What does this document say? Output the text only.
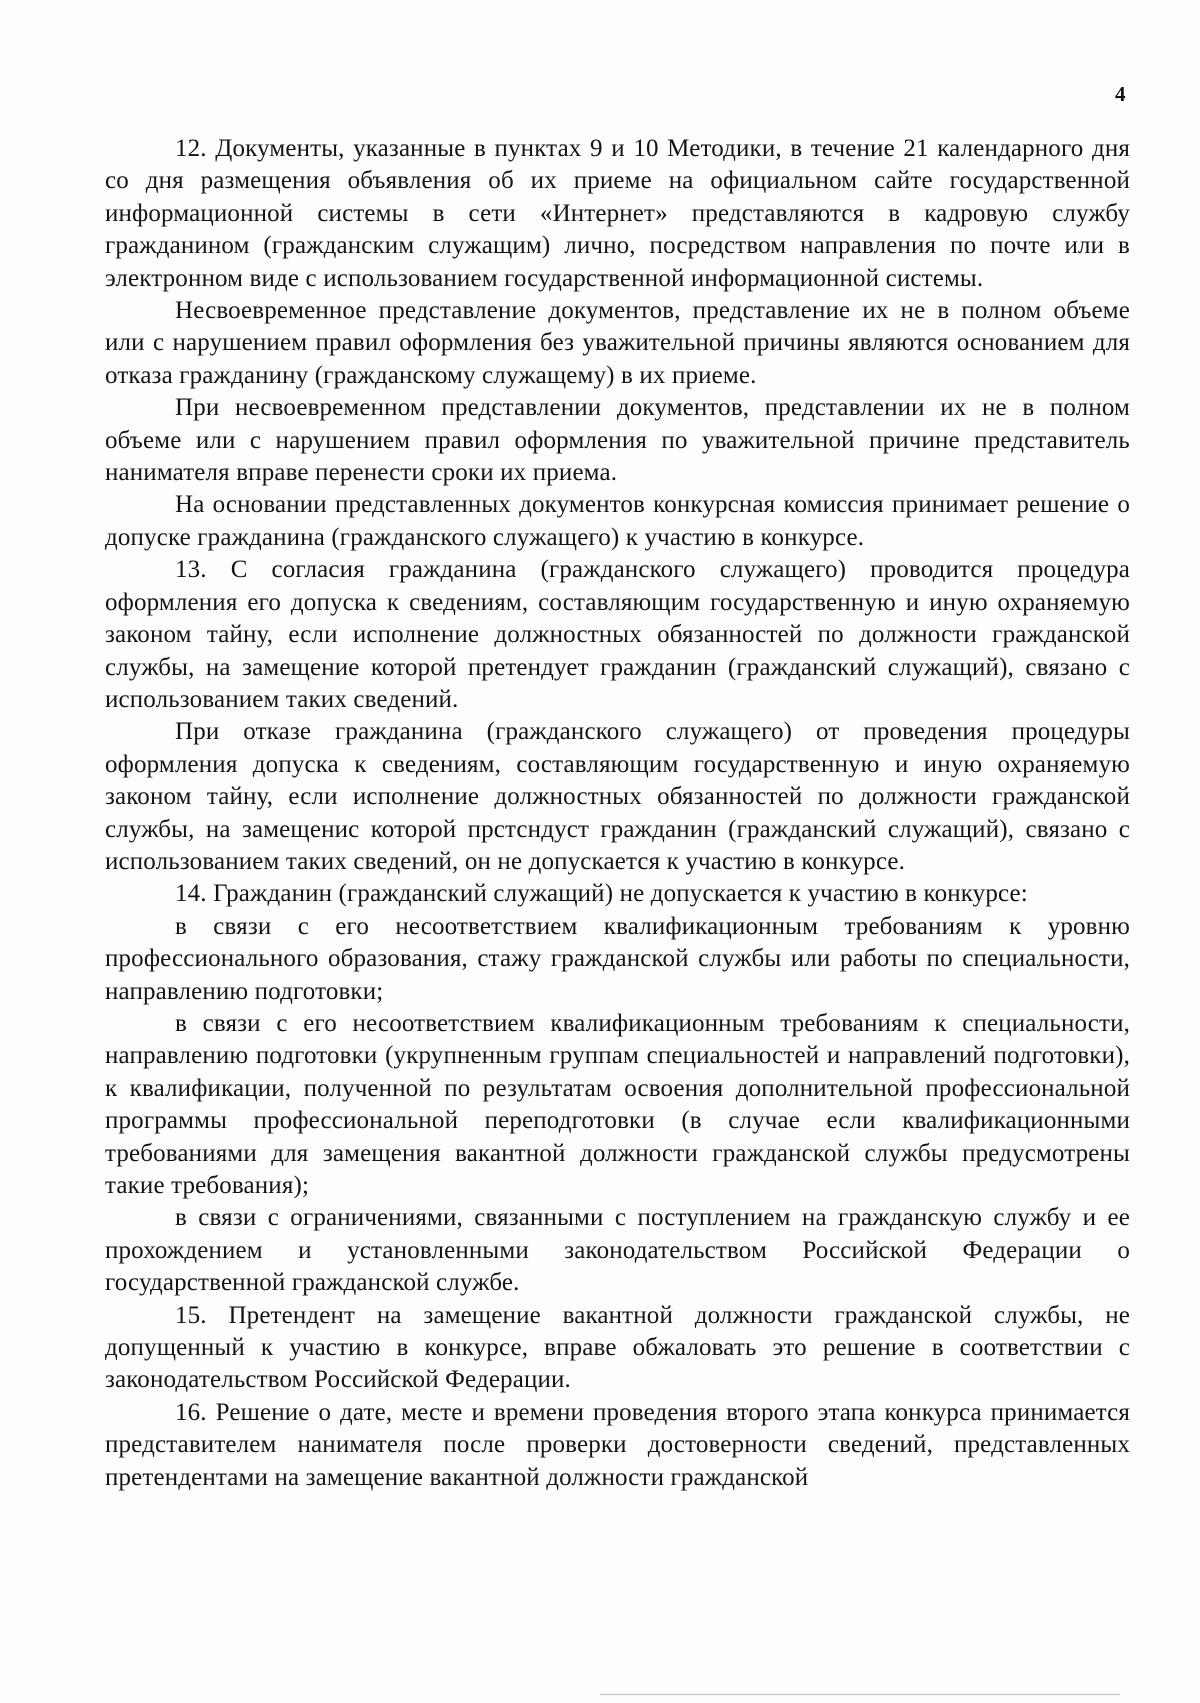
4

12. Документы, указанные в пунктах 9 и 10 Методики, в течение 21 календарного дня со дня размещения объявления об их приеме на официальном сайте государственной информационной системы в сети «Интернет» представляются в кадровую службу гражданином (гражданским служащим) лично, посредством направления по почте или в электронном виде с использованием государственной информационной системы.

Несвоевременное представление документов, представление их не в полном объеме или с нарушением правил оформления без уважительной причины являются основанием для отказа гражданину (гражданскому служащему) в их приеме.

При несвоевременном представлении документов, представлении их не в полном объеме или с нарушением правил оформления по уважительной причине представитель нанимателя вправе перенести сроки их приема.

На основании представленных документов конкурсная комиссия принимает решение о допуске гражданина (гражданского служащего) к участию в конкурсе.

13. С согласия гражданина (гражданского служащего) проводится процедура оформления его допуска к сведениям, составляющим государственную и иную охраняемую законом тайну, если исполнение должностных обязанностей по должности гражданской службы, на замещение которой претендует гражданин (гражданский служащий), связано с использованием таких сведений.

При отказе гражданина (гражданского служащего) от проведения процедуры оформления допуска к сведениям, составляющим государственную и иную охраняемую законом тайну, если исполнение должностных обязанностей по должности гражданской службы, на замещенис которой прстсндуст гражданин (гражданский служащий), связано с использованием таких сведений, он не допускается к участию в конкурсе.

14. Гражданин (гражданский служащий) не допускается к участию в конкурсе:

в связи с его несоответствием квалификационным требованиям к уровню профессионального образования, стажу гражданской службы или работы по специальности, направлению подготовки;

в связи с его несоответствием квалификационным требованиям к специальности, направлению подготовки (укрупненным группам специальностей и направлений подготовки), к квалификации, полученной по результатам освоения дополнительной профессиональной программы профессиональной переподготовки (в случае если квалификационными требованиями для замещения вакантной должности гражданской службы предусмотрены такие требования);

в связи с ограничениями, связанными с поступлением на гражданскую службу и ее прохождением и установленными законодательством Российской Федерации о государственной гражданской службе.

15. Претендент на замещение вакантной должности гражданской службы, не допущенный к участию в конкурсе, вправе обжаловать это решение в соответствии с законодательством Российской Федерации.

16. Решение о дате, месте и времени проведения второго этапа конкурса принимается представителем нанимателя после проверки достоверности сведений, представленных претендентами на замещение вакантной должности гражданской
